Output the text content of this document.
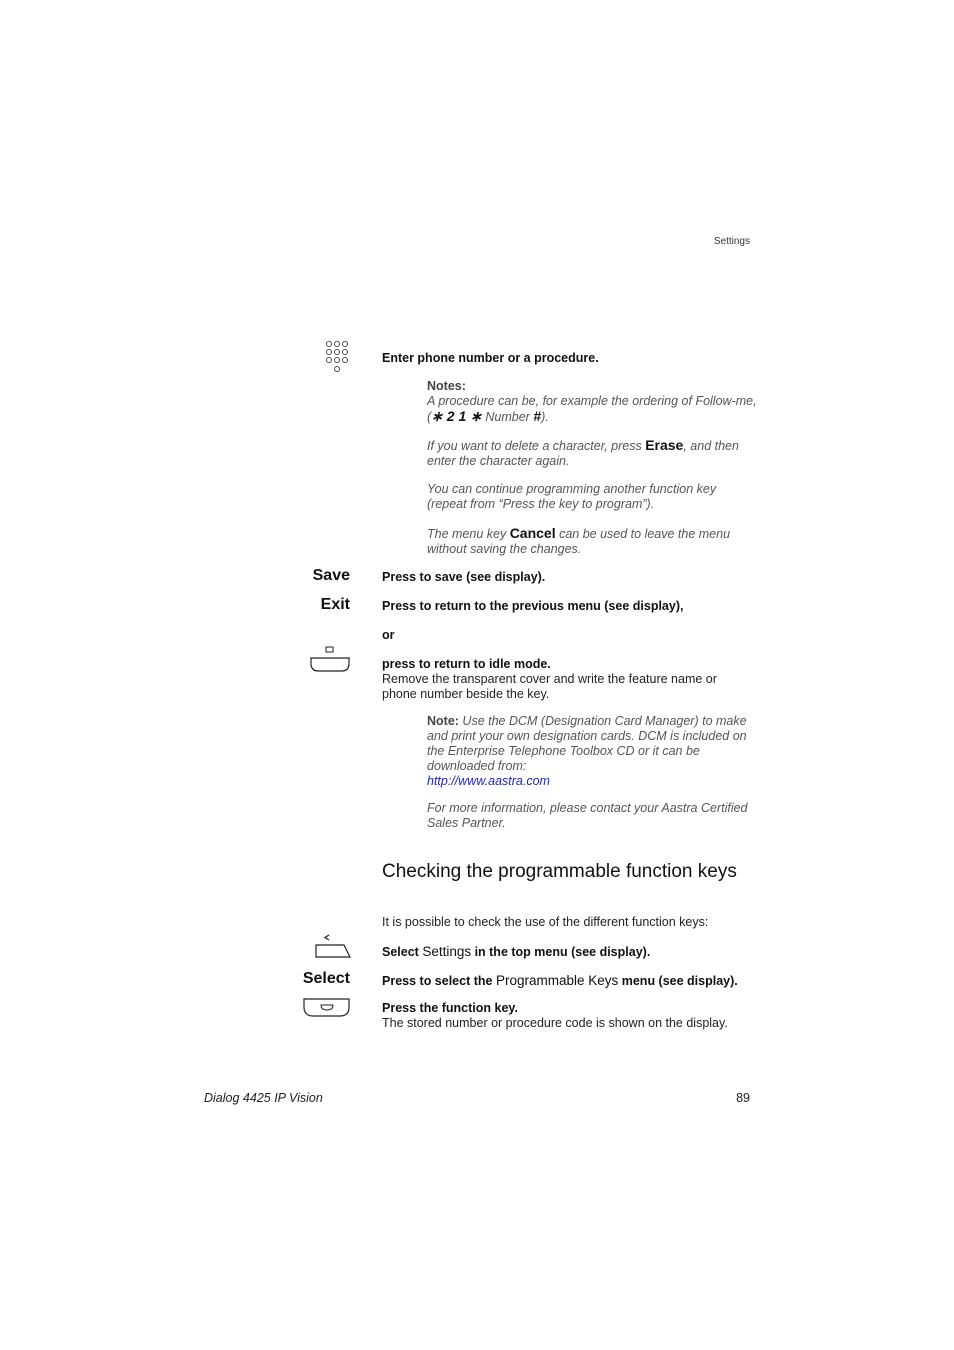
Settings
Enter phone number or a procedure.
Notes:
A procedure can be, for example the ordering of Follow-me,
(∗ 2 1 ∗ Number #).
If you want to delete a character, press Erase, and then enter the character again.
You can continue programming another function key (repeat from “Press the key to program”).
The menu key Cancel can be used to leave the menu without saving the changes.
Save	Press to save (see display).
Exit	Press to return to the previous menu (see display),
or
press to return to idle mode.
Remove the transparent cover and write the feature name or phone number beside the key.
Note: Use the DCM (Designation Card Manager) to make and print your own designation cards. DCM is included on the Enterprise Telephone Toolbox CD or it can be downloaded from:
http://www.aastra.com
For more information, please contact your Aastra Certified Sales Partner.
Checking the programmable function keys
It is possible to check the use of the different function keys:
Select Settings in the top menu (see display).
Select	Press to select the Programmable Keys menu (see display).
Press the function key.
The stored number or procedure code is shown on the display.
Dialog 4425 IP Vision	89
